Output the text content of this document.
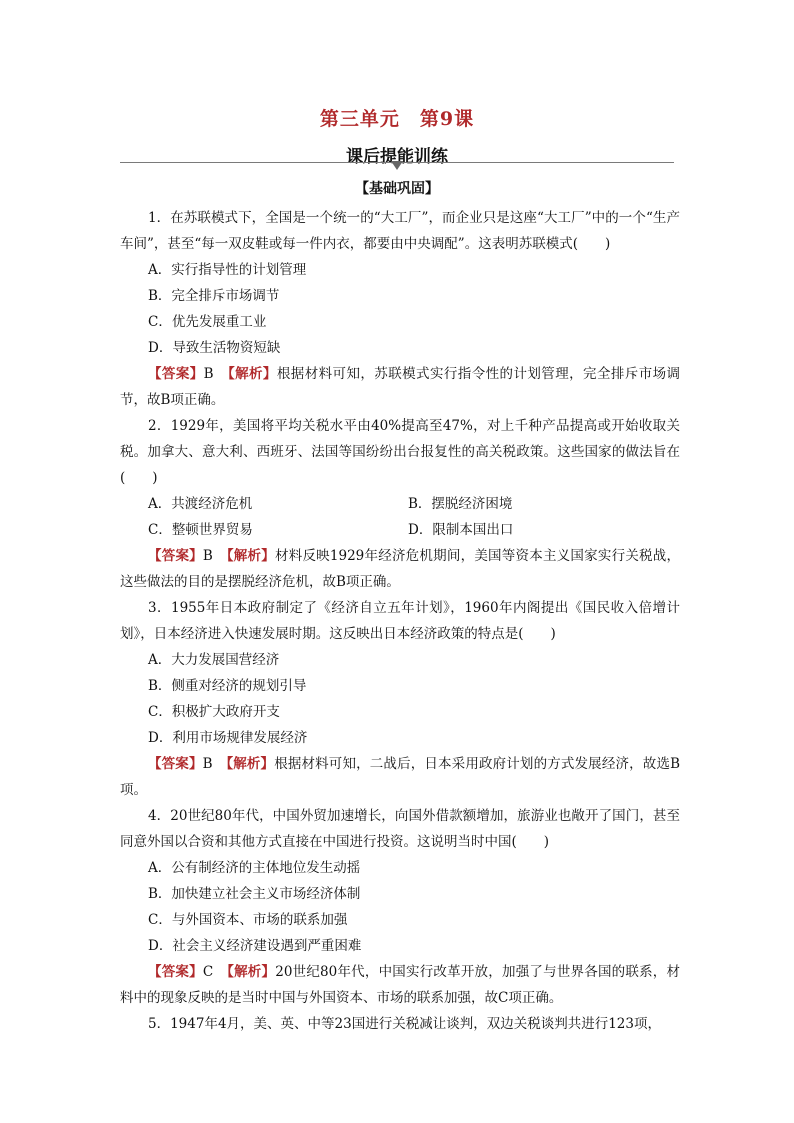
第三单元　第9课
课后提能训练
【基础巩固】

1．在苏联模式下，全国是一个统一的“大工厂”，而企业只是这座“大工厂”中的一个“生产车间”，甚至“每一双皮鞋或每一件内衣，都要由中央调配”。这表明苏联模式(　　)

A．实行指导性的计划管理

B．完全排斥市场调节

C．优先发展重工业

D．导致生活物资短缺

【答案】B　【解析】根据材料可知，苏联模式实行指令性的计划管理，完全排斥市场调节，故B项正确。

2．1929年，美国将平均关税水平由40%提高至47%，对上千种产品提高或开始收取关税。加拿大、意大利、西班牙、法国等国纷纷出台报复性的高关税政策。这些国家的做法旨在(　　)

A．共渡经济危机	B．摆脱经济困境
C．整顿世界贸易	D．限制本国出口

【答案】B　【解析】材料反映1929年经济危机期间，美国等资本主义国家实行关税战，这些做法的目的是摆脱经济危机，故B项正确。

3．1955年日本政府制定了《经济自立五年计划》，1960年内阁提出《国民收入倍增计划》，日本经济进入快速发展时期。这反映出日本经济政策的特点是(　　)

A．大力发展国营经济

B．侧重对经济的规划引导

C．积极扩大政府开支

D．利用市场规律发展经济

【答案】B　【解析】根据材料可知，二战后，日本采用政府计划的方式发展经济，故选B项。

4．20世纪80年代，中国外贸加速增长，向国外借款额增加，旅游业也敞开了国门，甚至同意外国以合资和其他方式直接在中国进行投资。这说明当时中国(　　)

A．公有制经济的主体地位发生动摇

B．加快建立社会主义市场经济体制

C．与外国资本、市场的联系加强

D．社会主义经济建设遇到严重困难

【答案】C　【解析】20世纪80年代，中国实行改革开放，加强了与世界各国的联系，材料中的现象反映的是当时中国与外国资本、市场的联系加强，故C项正确。

5．1947年4月，美、英、中等23国进行关税减让谈判，双边关税谈判共进行123项，
